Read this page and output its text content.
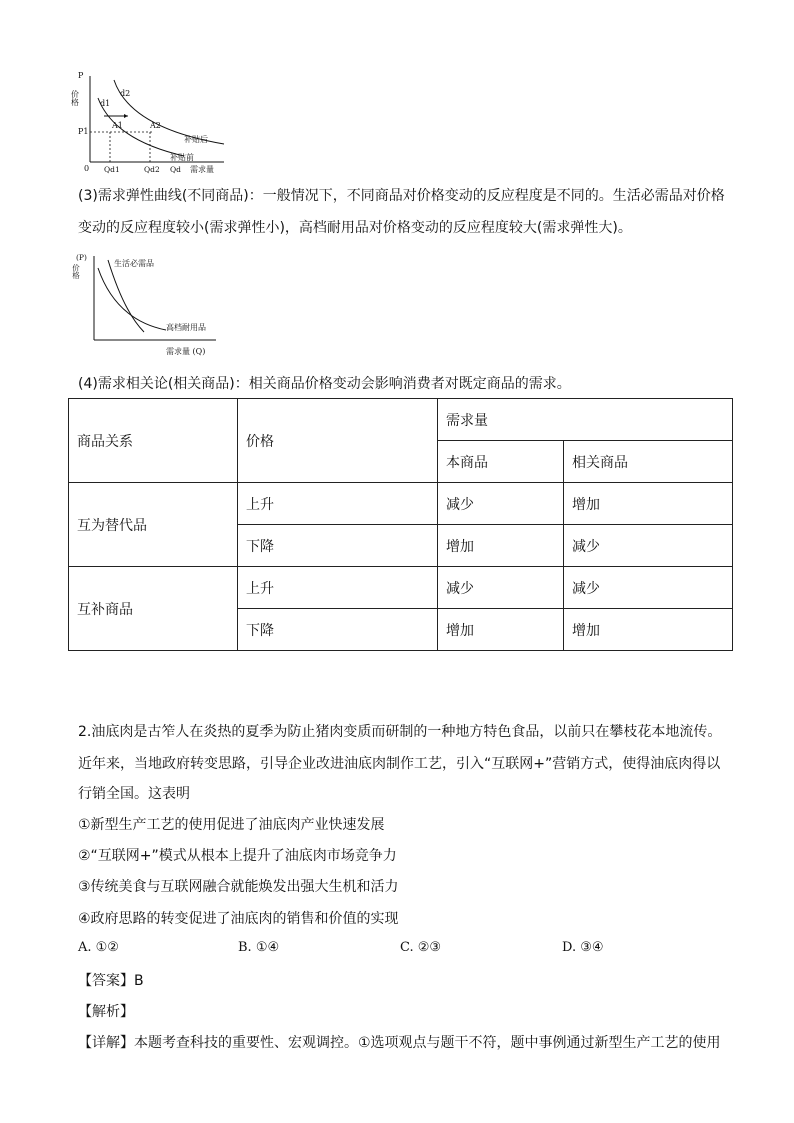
P
价格	d2
d1
P1
A1	A2
0 Qd1	Qd2 Qd 需求量
补贴后
补贴前
(3)需求弹性曲线(不同商品)：一般情况下，不同商品对价格变动的反应程度是不同的。生活必需品对价格
变动的反应程度较小(需求弹性小)，高档耐用品对价格变动的反应程度较大(需求弹性大)。
(P)
价格
生活必需品
高档耐用品
需求量 (Q)
(4)需求相关论(相关商品)：相关商品价格变动会影响消费者对既定商品的需求。
商品关系	价格	需求量	
		本商品	相关商品
互为替代品	上升	减少	增加
	下降	增加	减少
互补商品	上升	减少	减少
	下降	增加	增加
2.油底肉是古笮人在炎热的夏季为防止猪肉变质而研制的一种地方特色食品，以前只在攀枝花本地流传。
近年来，当地政府转变思路，引导企业改进油底肉制作工艺，引入“互联网+”营销方式，使得油底肉得以
行销全国。这表明
①新型生产工艺的使用促进了油底肉产业快速发展
②“互联网+”模式从根本上提升了油底肉市场竞争力
③传统美食与互联网融合就能焕发出强大生机和活力
④政府思路的转变促进了油底肉的销售和价值的实现
A. ①②	B. ①④	C. ②③	D. ③④
【答案】B
【解析】
【详解】本题考查科技的重要性、宏观调控。①选项观点与题干不符，题中事例通过新型生产工艺的使用
